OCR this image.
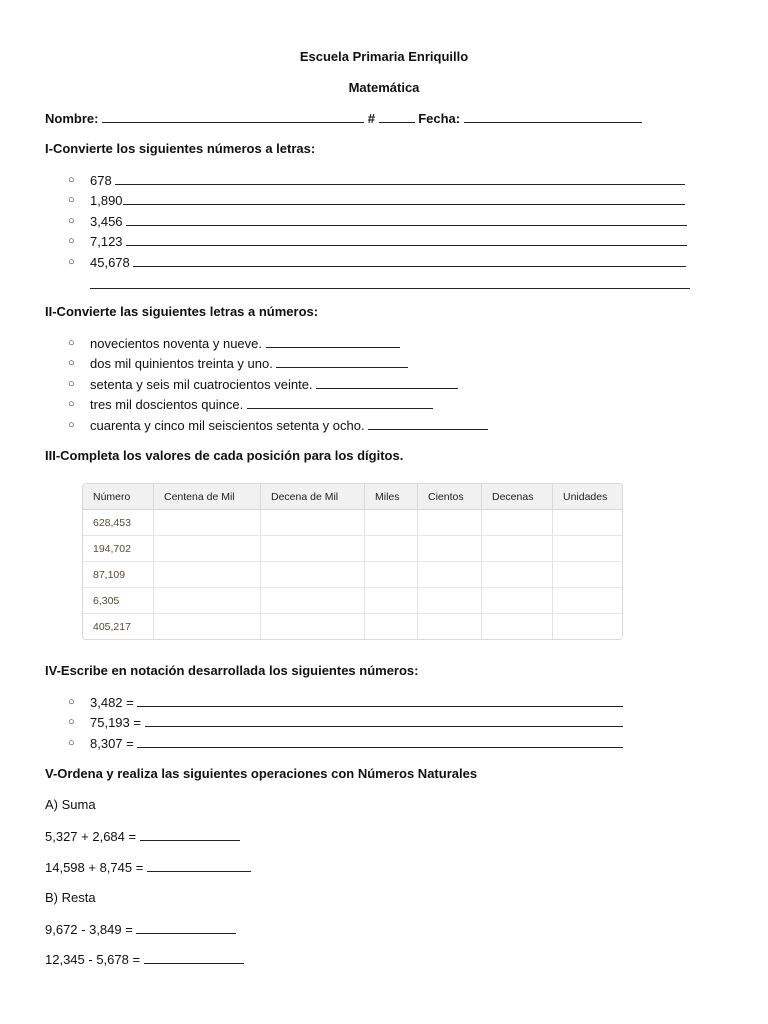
Escuela Primaria Enriquillo
Matemática
Nombre:	#	Fecha:
I-Convierte los siguientes números a letras:
○ 678
○ 1,890
○ 3,456
○ 7,123
○ 45,678
II-Convierte las siguientes letras a números:
○ novecientos noventa y nueve.
○ dos mil quinientos treinta y uno.
○ setenta y seis mil cuatrocientos veinte.
○ tres mil doscientos quince.
○ cuarenta y cinco mil seiscientos setenta y ocho.
III-Completa los valores de cada posición para los dígitos.
Número	Centena de Mil	Decena de Mil	Miles	Cientos	Decenas	Unidades
628,453						
194,702						
87,109						
6,305						
405,217						
IV-Escribe en notación desarrollada los siguientes números:
○ 3,482 =
○ 75,193 =
○ 8,307 =
V-Ordena y realiza las siguientes operaciones con Números Naturales
A) Suma
5,327 + 2,684 =
14,598 + 8,745 =
B) Resta
9,672 - 3,849 =
12,345 - 5,678 =
